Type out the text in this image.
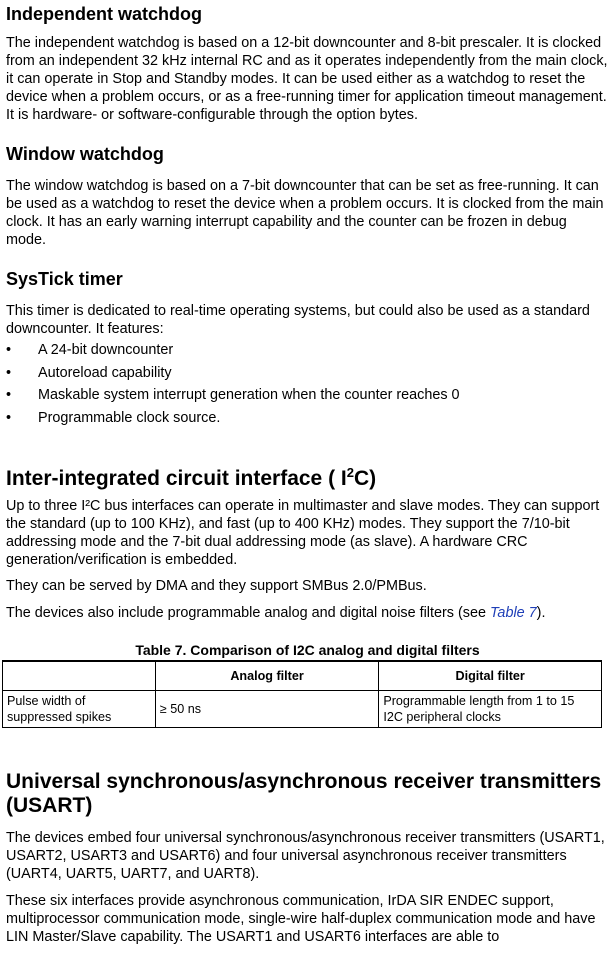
Independent watchdog

The independent watchdog is based on a 12-bit downcounter and 8-bit prescaler. It is clocked from an independent 32 kHz internal RC and as it operates independently from the main clock, it can operate in Stop and Standby modes. It can be used either as a watchdog to reset the device when a problem occurs, or as a free-running timer for application timeout management. It is hardware- or software-configurable through the option bytes.

Window watchdog

The window watchdog is based on a 7-bit downcounter that can be set as free-running. It can be used as a watchdog to reset the device when a problem occurs. It is clocked from the main clock. It has an early warning interrupt capability and the counter can be frozen in debug mode.

SysTick timer

This timer is dedicated to real-time operating systems, but could also be used as a standard downcounter. It features:

• A 24-bit downcounter
• Autoreload capability
• Maskable system interrupt generation when the counter reaches 0
• Programmable clock source.
Inter-integrated circuit interface ( $I^2C$)

Up to three I²C bus interfaces can operate in multimaster and slave modes. They can support the standard (up to 100 KHz), and fast (up to 400 KHz) modes. They support the 7/10-bit addressing mode and the 7-bit dual addressing mode (as slave). A hardware CRC generation/verification is embedded.

They can be served by DMA and they support SMBus 2.0/PMBus.

The devices also include programmable analog and digital noise filters (see Table 7).

Table 7. Comparison of I2C analog and digital filters
	Analog filter	Digital filter
Pulse width of suppressed spikes	≥ 50 ns	Programmable length from 1 to 15 I2C peripheral clocks
Universal synchronous/asynchronous receiver transmitters (USART)

The devices embed four universal synchronous/asynchronous receiver transmitters (USART1, USART2, USART3 and USART6) and four universal asynchronous receiver transmitters (UART4, UART5, UART7, and UART8).

These six interfaces provide asynchronous communication, IrDA SIR ENDEC support, multiprocessor communication mode, single-wire half-duplex communication mode and have LIN Master/Slave capability. The USART1 and USART6 interfaces are able to
